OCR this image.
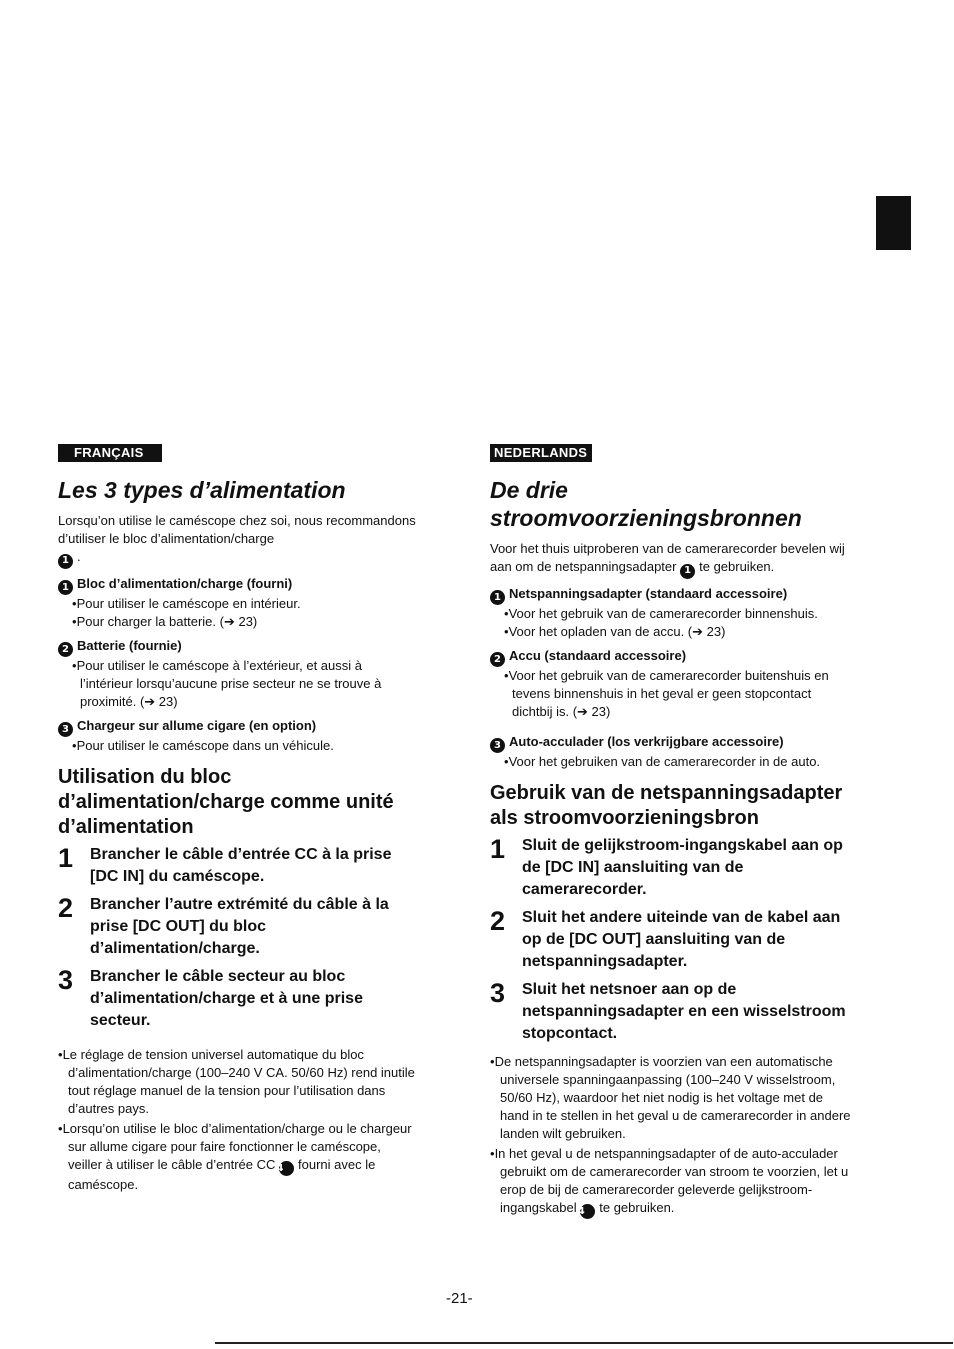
FRANÇAIS
Les 3 types d’alimentation

Lorsqu’on utilise le caméscope chez soi, nous recommandons d’utiliser le bloc d’alimentation/charge
1 .

1 Bloc d’alimentation/charge (fourni)
• Pour utiliser le caméscope en intérieur.
• Pour charger la batterie. (➔ 23)
2 Batterie (fournie)
• Pour utiliser le caméscope à l’extérieur, et aussi à l’intérieur lorsqu’aucune prise secteur ne se trouve à proximité. (➔ 23)
3 Chargeur sur allume cigare (en option)
• Pour utiliser le caméscope dans un véhicule.
Utilisation du bloc d’alimentation/charge comme unité d’alimentation
1	Brancher le câble d’entrée CC à la prise [DC IN] du caméscope.
2	Brancher l’autre extrémité du câble à la prise [DC OUT] du bloc d’alimentation/charge.
3	Brancher le câble secteur au bloc d’alimentation/charge et à une prise secteur.
• Le réglage de tension universel automatique du bloc d’alimentation/charge (100–240 V CA. 50/60 Hz) rend inutile tout réglage manuel de la tension pour l’utilisation dans d’autres pays.
• Lorsqu’on utilise le bloc d’alimentation/charge ou le chargeur sur allume cigare pour faire fonctionner le caméscope, veiller à utiliser le câble d’entrée CC 4 fourni avec le caméscope.
NEDERLANDS
De drie
stroomvoorzieningsbronnen

Voor het thuis uitproberen van de camerarecorder bevelen wij aan om de netspanningsadapter 1 te gebruiken.

1 Netspanningsadapter (standaard accessoire)
• Voor het gebruik van de camerarecorder binnenshuis.
• Voor het opladen van de accu. (➔ 23)
2 Accu (standaard accessoire)
• Voor het gebruik van de camerarecorder buitenshuis en tevens binnenshuis in het geval er geen stopcontact dichtbij is. (➔ 23)
3 Auto-acculader (los verkrijgbare accessoire)
• Voor het gebruiken van de camerarecorder in de auto.
Gebruik van de netspanningsadapter als stroomvoorzieningsbron
1	Sluit de gelijkstroom-ingangskabel aan op de [DC IN] aansluiting van de camerarecorder.
2	Sluit het andere uiteinde van de kabel aan op de [DC OUT] aansluiting van de netspanningsadapter.
3	Sluit het netsnoer aan op de netspanningsadapter en een wisselstroom stopcontact.
• De netspanningsadapter is voorzien van een automatische universele spanningaanpassing (100–240 V wisselstroom, 50/60 Hz), waardoor het niet nodig is het voltage met de hand in te stellen in het geval u de camerarecorder in andere landen wilt gebruiken.
• In het geval u de netspanningsadapter of de auto-acculader gebruikt om de camerarecorder van stroom te voorzien, let u erop de bij de camerarecorder geleverde gelijkstroom-ingangskabel 4 te gebruiken.
-21-
